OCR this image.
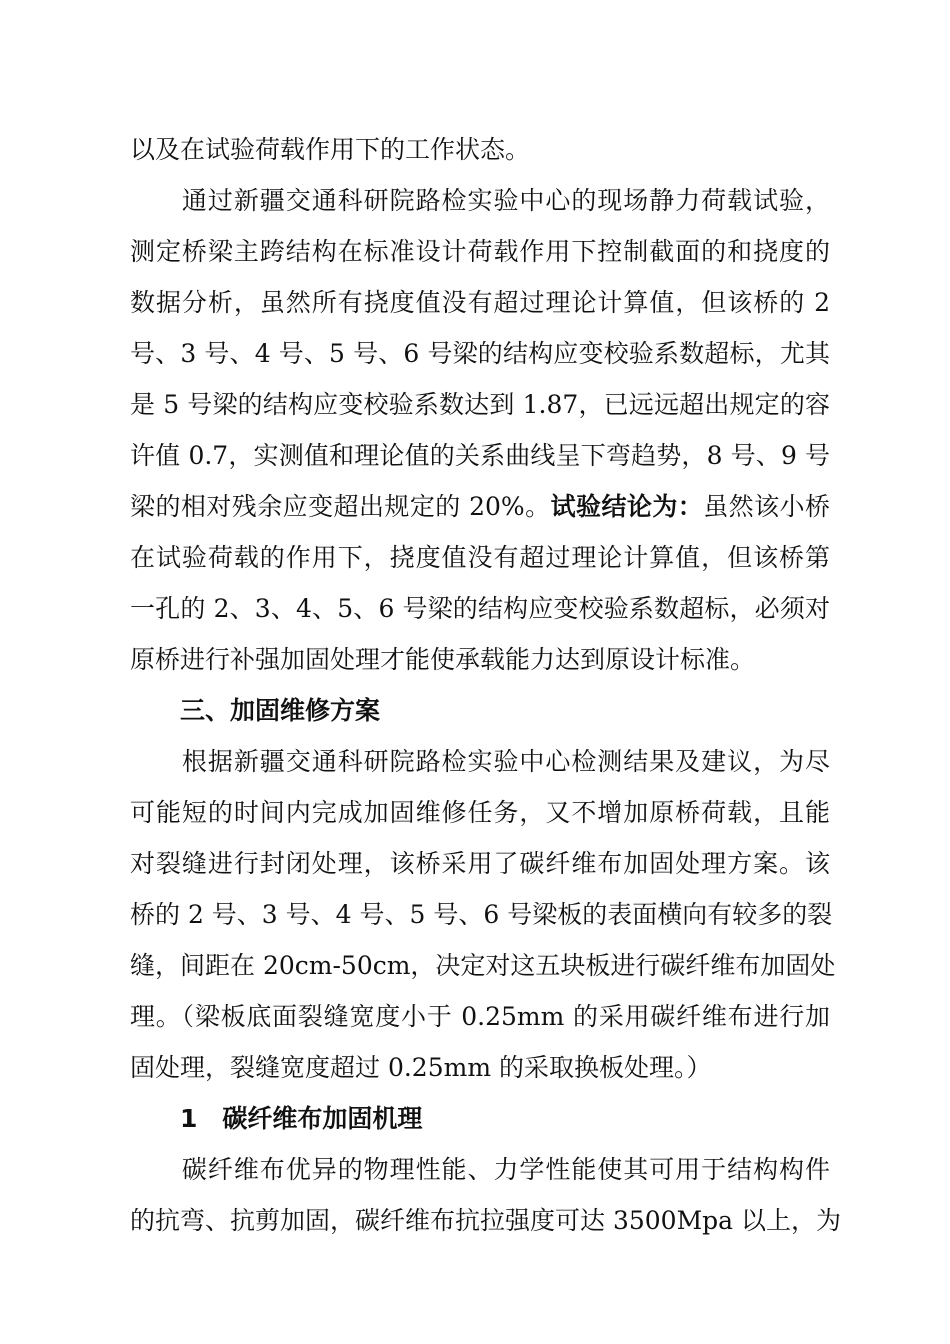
以及在试验荷载作用下的工作状态。
　　通过新疆交通科研院路检实验中心的现场静力荷载试验，
测定桥梁主跨结构在标准设计荷载作用下控制截面的和挠度的
数据分析，虽然所有挠度值没有超过理论计算值，但该桥的 2
号、3 号、4 号、5 号、6 号梁的结构应变校验系数超标，尤其
是 5 号梁的结构应变校验系数达到 1.87，已远远超出规定的容
许值 0.7，实测值和理论值的关系曲线呈下弯趋势，8 号、9 号
梁的相对残余应变超出规定的 20%。试验结论为：虽然该小桥
在试验荷载的作用下，挠度值没有超过理论计算值，但该桥第
一孔的 2、3、4、5、6 号梁的结构应变校验系数超标，必须对
原桥进行补强加固处理才能使承载能力达到原设计标准。
　　三、加固维修方案
　　根据新疆交通科研院路检实验中心检测结果及建议，为尽
可能短的时间内完成加固维修任务，又不增加原桥荷载，且能
对裂缝进行封闭处理，该桥采用了碳纤维布加固处理方案。该
桥的 2 号、3 号、4 号、5 号、6 号梁板的表面横向有较多的裂
缝，间距在 20cm-50cm，决定对这五块板进行碳纤维布加固处
理。（梁板底面裂缝宽度小于 0.25mm 的采用碳纤维布进行加
固处理，裂缝宽度超过 0.25mm 的采取换板处理。）
　　1　碳纤维布加固机理
　　碳纤维布优异的物理性能、力学性能使其可用于结构构件
的抗弯、抗剪加固，碳纤维布抗拉强度可达 3500Mpa 以上，为
